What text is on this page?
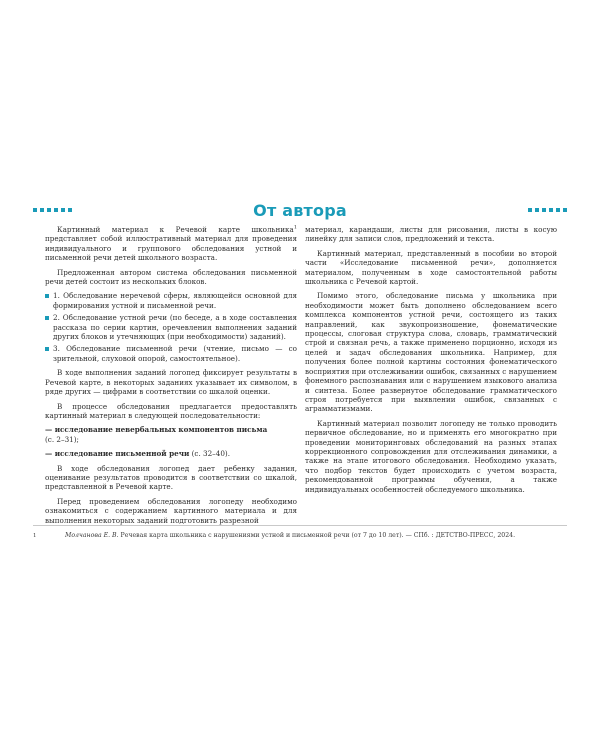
От автора

Картинный материал к Речевой карте школьника$^1$ представляет собой иллюстративный материал для проведения индивидуального и группового обследования устной и письменной речи детей школьного возраста.

Предложенная автором система обследования письменной речи детей состоит из нескольких блоков.

1. Обследование неречевой сферы, являющейся основной для формирования устной и письменной речи.
2. Обследование устной речи (по беседе, а в ходе составления рассказа по серии картин, оречевления выполнения заданий других блоков и утечняющих (при необходимости) заданий).
3. Обследование письменной речи (чтение, письмо — со зрительной, слуховой опорой, самостоятельное).

В ходе выполнения заданий логопед фиксирует результаты в Речевой карте, в некоторых заданиях указывает их символом, в ряде других — цифрами в соответствии со шкалой оценки.

В процессе обследования предлагается предоставлять картинный материал в следующей последовательности:

— исследование невербальных компонентов письма
(с. 2–31);

— исследование письменной речи (с. 32–40).

В ходе обследования логопед дает ребенку задания, оценивание результатов проводится в соответствии со шкалой, представленной в Речевой карте.

Перед проведением обследования логопеду необходимо ознакомиться с содержанием картинного материала и для выполнения некоторых заданий подготовить разрезной

материал, карандаши, листы для рисования, листы в косую линейку для записи слов, предложений и текста.

Картинный материал, представленный в пособии во второй части «Исследование письменной речи», дополняется материалом, полученным в ходе самостоятельной работы школьника с Речевой картой.

Помимо этого, обследование письма у школьника при необходимости может быть дополнено обследованием всего комплекса компонентов устной речи, состоящего из таких направлений, как звукопроизношение, фонематические процессы, слоговая структура слова, словарь, грамматический строй и связная речь, а также применено порционно, исходя из целей и задач обследования школьника. Например, для получения более полной картины состояния фонематического восприятия при отслеживании ошибок, связанных с нарушением фонемного распознавания или с нарушением языкового анализа и синтеза. Более развернутое обследование грамматического строя потребуется при выявлении ошибок, связанных с аграмматизмами.

Картинный материал позволит логопеду не только проводить первичное обследование, но и применять его многократно при проведении мониторинговых обследований на разных этапах коррекционного сопровождения для отслеживания динамики, а также на этапе итогового обследования. Необходимо указать, что подбор текстов будет происходить с учетом возраста, рекомендованной программы обучения, а также индивидуальных особенностей обследуемого школьника.

1	Молчанова Е. В. Речевая карта школьника с нарушениями устной и письменной речи (от 7 до 10 лет). — СПб. : ДЕТСТВО-ПРЕСС, 2024.
